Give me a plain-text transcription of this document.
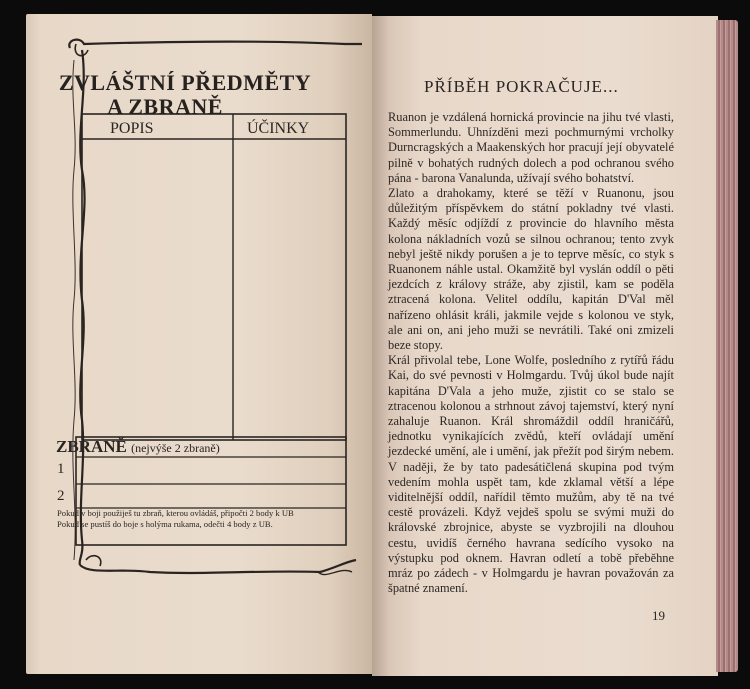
ZVLÁŠTNÍ PŘEDMĚTY
A ZBRANĚ
POPIS	ÚČINKY
ZBRANĚ (nejvýše 2 zbraně)
1
2
Pokud v boji použiješ tu zbraň, kterou ovládáš, připočti 2 body k UB
Pokud se pustíš do boje s holýma rukama, odečti 4 body z UB.
PŘÍBĚH POKRAČUJE...

Ruanon je vzdálená hornická provincie na jihu tvé vlasti, Sommerlundu. Uhnízděni mezi pochmurnými vrcholky Durncragských a Maakenských hor pracují její obyvatelé pilně v bohatých rudných dolech a pod ochranou svého pána - barona Vanalunda, užívají svého bohatství.

Zlato a drahokamy, které se těží v Ruanonu, jsou důležitým příspěvkem do státní pokladny tvé vlasti. Každý měsíc odjíždí z provincie do hlavního města kolona nákladních vozů se silnou ochranou; tento zvyk nebyl ještě nikdy porušen a je to teprve měsíc, co styk s Ruanonem náhle ustal. Okamžitě byl vyslán oddíl o pěti jezdcích z královy stráže, aby zjistil, kam se poděla ztracená kolona. Velitel oddílu, kapitán D'Val měl nařízeno ohlásit králi, jakmile vejde s kolonou ve styk, ale ani on, ani jeho muži se nevrátili. Také oni zmizeli beze stopy.

Král přivolal tebe, Lone Wolfe, posledního z rytířů řádu Kai, do své pevnosti v Holmgardu. Tvůj úkol bude najít kapitána D'Vala a jeho muže, zjistit co se stalo se ztracenou kolonou a strhnout závoj tajemství, který nyní zahaluje Ruanon. Král shromáždil oddíl hraničářů, jednotku vynikajících zvědů, kteří ovládají umění jezdecké umění, ale i umění, jak přežít pod širým nebem. V naději, že by tato padesátičlená skupina pod tvým vedením mohla uspět tam, kde zklamal větší a lépe viditelnější oddíl, nařídil těmto mužům, aby tě na tvé cestě provázeli. Když vejdeš spolu se svými muži do královské zbrojnice, abyste se vyzbrojili na dlouhou cestu, uvidíš černého havrana sedícího vysoko na výstupku pod oknem. Havran odletí a tobě přeběhne mráz po zádech - v Holmgardu je havran považován za špatné znamení.

19
